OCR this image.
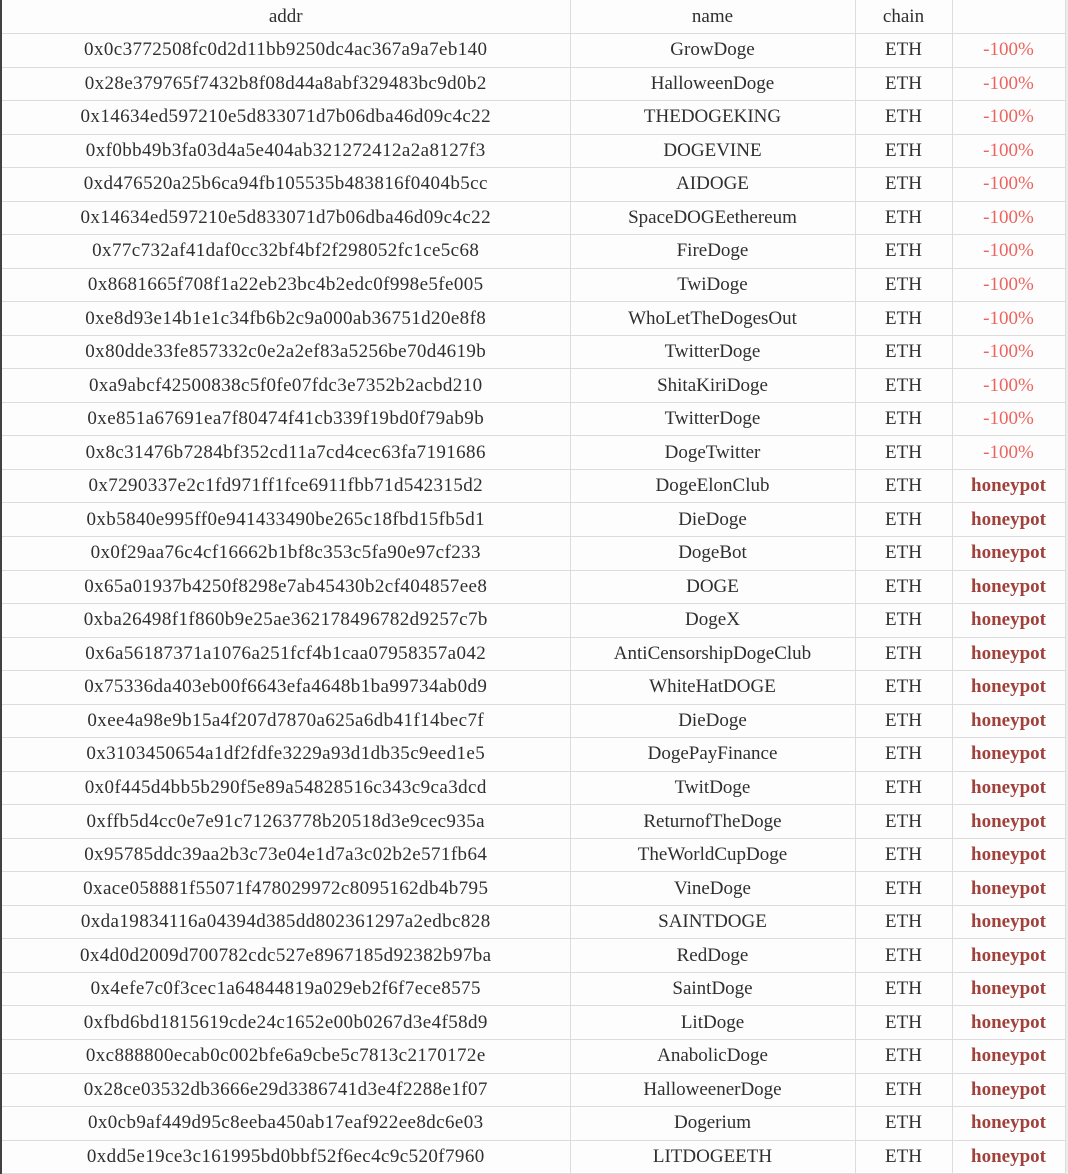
addr	name	chain	
0x0c3772508fc0d2d11bb9250dc4ac367a9a7eb140	GrowDoge	ETH	-100%
0x28e379765f7432b8f08d44a8abf329483bc9d0b2	HalloweenDoge	ETH	-100%
0x14634ed597210e5d833071d7b06dba46d09c4c22	THEDOGEKING	ETH	-100%
0xf0bb49b3fa03d4a5e404ab321272412a2a8127f3	DOGEVINE	ETH	-100%
0xd476520a25b6ca94fb105535b483816f0404b5cc	AIDOGE	ETH	-100%
0x14634ed597210e5d833071d7b06dba46d09c4c22	SpaceDOGEethereum	ETH	-100%
0x77c732af41daf0cc32bf4bf2f298052fc1ce5c68	FireDoge	ETH	-100%
0x8681665f708f1a22eb23bc4b2edc0f998e5fe005	TwiDoge	ETH	-100%
0xe8d93e14b1e1c34fb6b2c9a000ab36751d20e8f8	WhoLetTheDogesOut	ETH	-100%
0x80dde33fe857332c0e2a2ef83a5256be70d4619b	TwitterDoge	ETH	-100%
0xa9abcf42500838c5f0fe07fdc3e7352b2acbd210	ShitaKiriDoge	ETH	-100%
0xe851a67691ea7f80474f41cb339f19bd0f79ab9b	TwitterDoge	ETH	-100%
0x8c31476b7284bf352cd11a7cd4cec63fa7191686	DogeTwitter	ETH	-100%
0x7290337e2c1fd971ff1fce6911fbb71d542315d2	DogeElonClub	ETH	honeypot
0xb5840e995ff0e941433490be265c18fbd15fb5d1	DieDoge	ETH	honeypot
0x0f29aa76c4cf16662b1bf8c353c5fa90e97cf233	DogeBot	ETH	honeypot
0x65a01937b4250f8298e7ab45430b2cf404857ee8	DOGE	ETH	honeypot
0xba26498f1f860b9e25ae362178496782d9257c7b	DogeX	ETH	honeypot
0x6a56187371a1076a251fcf4b1caa07958357a042	AntiCensorshipDogeClub	ETH	honeypot
0x75336da403eb00f6643efa4648b1ba99734ab0d9	WhiteHatDOGE	ETH	honeypot
0xee4a98e9b15a4f207d7870a625a6db41f14bec7f	DieDoge	ETH	honeypot
0x3103450654a1df2fdfe3229a93d1db35c9eed1e5	DogePayFinance	ETH	honeypot
0x0f445d4bb5b290f5e89a54828516c343c9ca3dcd	TwitDoge	ETH	honeypot
0xffb5d4cc0e7e91c71263778b20518d3e9cec935a	ReturnofTheDoge	ETH	honeypot
0x95785ddc39aa2b3c73e04e1d7a3c02b2e571fb64	TheWorldCupDoge	ETH	honeypot
0xace058881f55071f478029972c8095162db4b795	VineDoge	ETH	honeypot
0xda19834116a04394d385dd802361297a2edbc828	SAINTDOGE	ETH	honeypot
0x4d0d2009d700782cdc527e8967185d92382b97ba	RedDoge	ETH	honeypot
0x4efe7c0f3cec1a64844819a029eb2f6f7ece8575	SaintDoge	ETH	honeypot
0xfbd6bd1815619cde24c1652e00b0267d3e4f58d9	LitDoge	ETH	honeypot
0xc888800ecab0c002bfe6a9cbe5c7813c2170172e	AnabolicDoge	ETH	honeypot
0x28ce03532db3666e29d3386741d3e4f2288e1f07	HalloweenerDoge	ETH	honeypot
0x0cb9af449d95c8eeba450ab17eaf922ee8dc6e03	Dogerium	ETH	honeypot
0xdd5e19ce3c161995bd0bbf52f6ec4c9c520f7960	LITDOGEETH	ETH	honeypot
